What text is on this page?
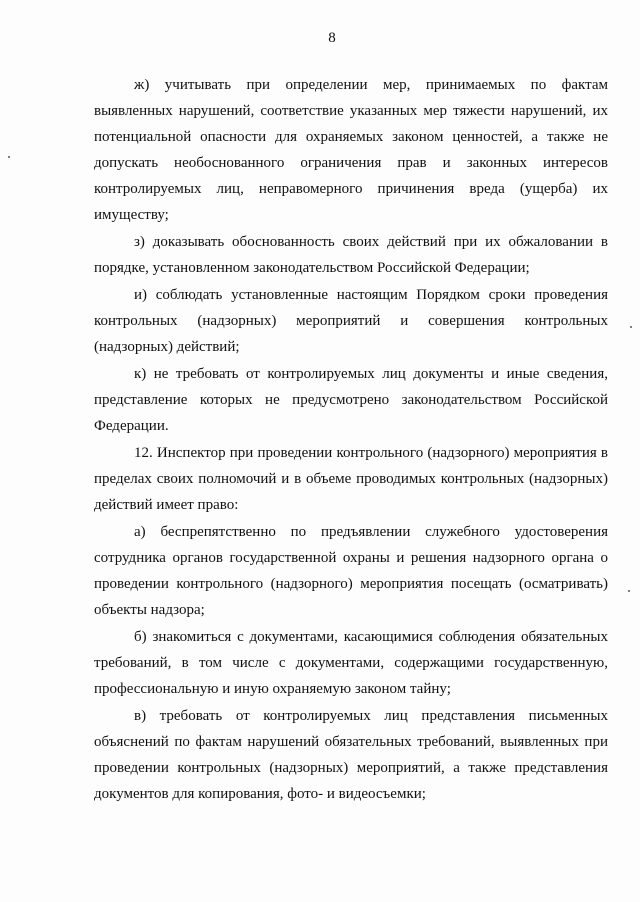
8

ж) учитывать при определении мер, принимаемых по фактам выявленных нарушений, соответствие указанных мер тяжести нарушений, их потенциальной опасности для охраняемых законом ценностей, а также не допускать необоснованного ограничения прав и законных интересов контролируемых лиц, неправомерного причинения вреда (ущерба) их имуществу;

з) доказывать обоснованность своих действий при их обжаловании в порядке, установленном законодательством Российской Федерации;

и) соблюдать установленные настоящим Порядком сроки проведения контрольных (надзорных) мероприятий и совершения контрольных (надзорных) действий;

к) не требовать от контролируемых лиц документы и иные сведения, представление которых не предусмотрено законодательством Российской Федерации.

12. Инспектор при проведении контрольного (надзорного) мероприятия в пределах своих полномочий и в объеме проводимых контрольных (надзорных) действий имеет право:

а) беспрепятственно по предъявлении служебного удостоверения сотрудника органов государственной охраны и решения надзорного органа о проведении контрольного (надзорного) мероприятия посещать (осматривать) объекты надзора;

б) знакомиться с документами, касающимися соблюдения обязательных требований, в том числе с документами, содержащими государственную, профессиональную и иную охраняемую законом тайну;

в) требовать от контролируемых лиц представления письменных объяснений по фактам нарушений обязательных требований, выявленных при проведении контрольных (надзорных) мероприятий, а также представления документов для копирования, фото- и видеосъемки;
